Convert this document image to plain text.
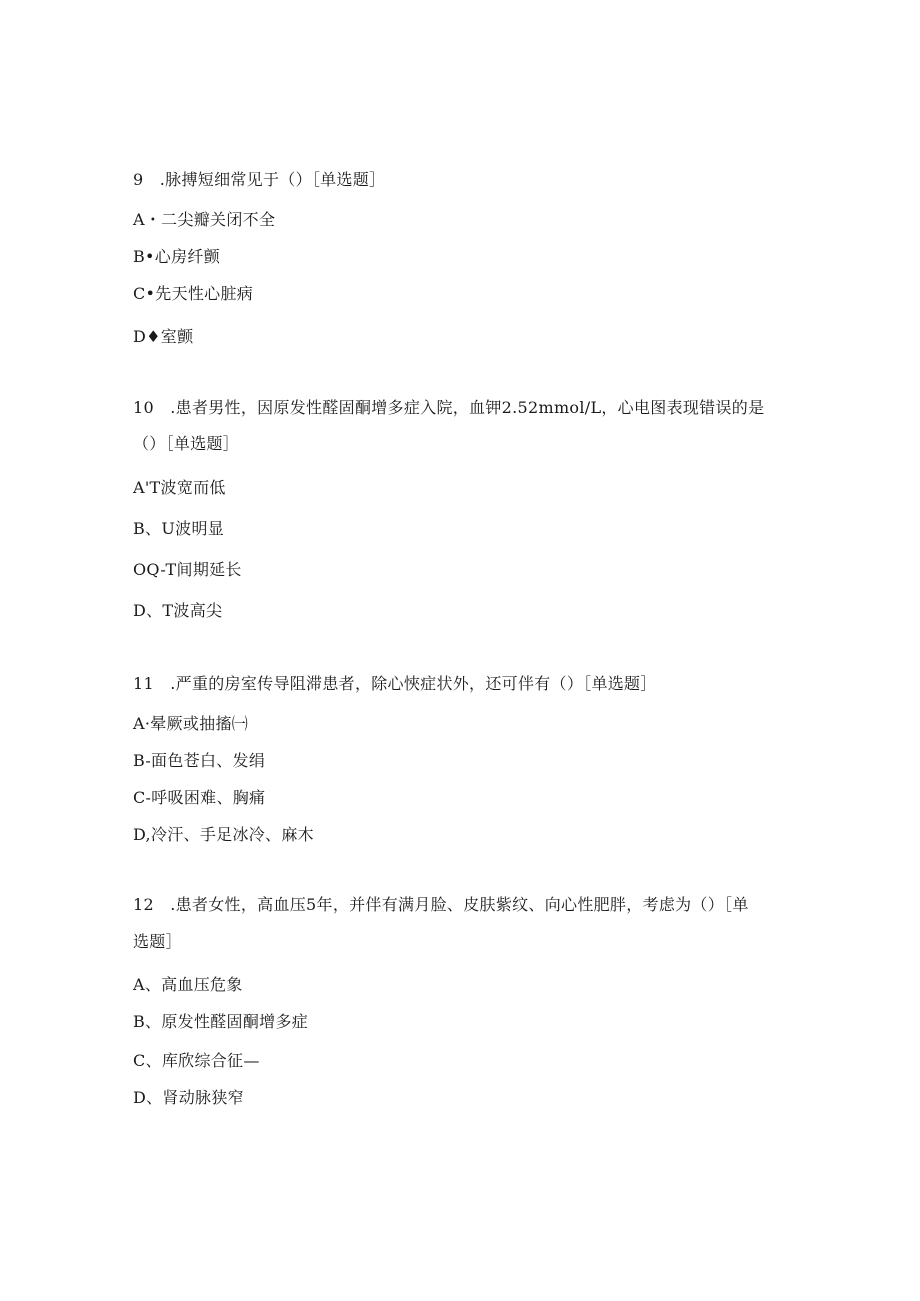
9　.脉搏短细常见于（）［单选题］
A・二尖瓣关闭不全
B•心房纤颤
C•先天性心脏病
D♦室颤
10　.患者男性，因原发性醛固酮增多症入院，血钾2.52mmol/L，心电图表现错误的是
（）［单选题］
A'T波宽而低
B、U波明显
OQ-T间期延长
D、T波高尖
11　.严重的房室传导阻滞患者，除心悏症状外，还可伴有（）［单选题］
A·晕厥或抽搐㈠
B-面色苍白、发绢
C-呼吸困难、胸痛
D,冷汗、手足冰冷、麻木
12　.患者女性，高血压5年，并伴有满月脸、皮肤紫纹、向心性肥胖，考虑为（）［单
选题］
A、高血压危象
B、原发性醛固酮增多症
C、库欣综合征—
D、肾动脉狭窄
